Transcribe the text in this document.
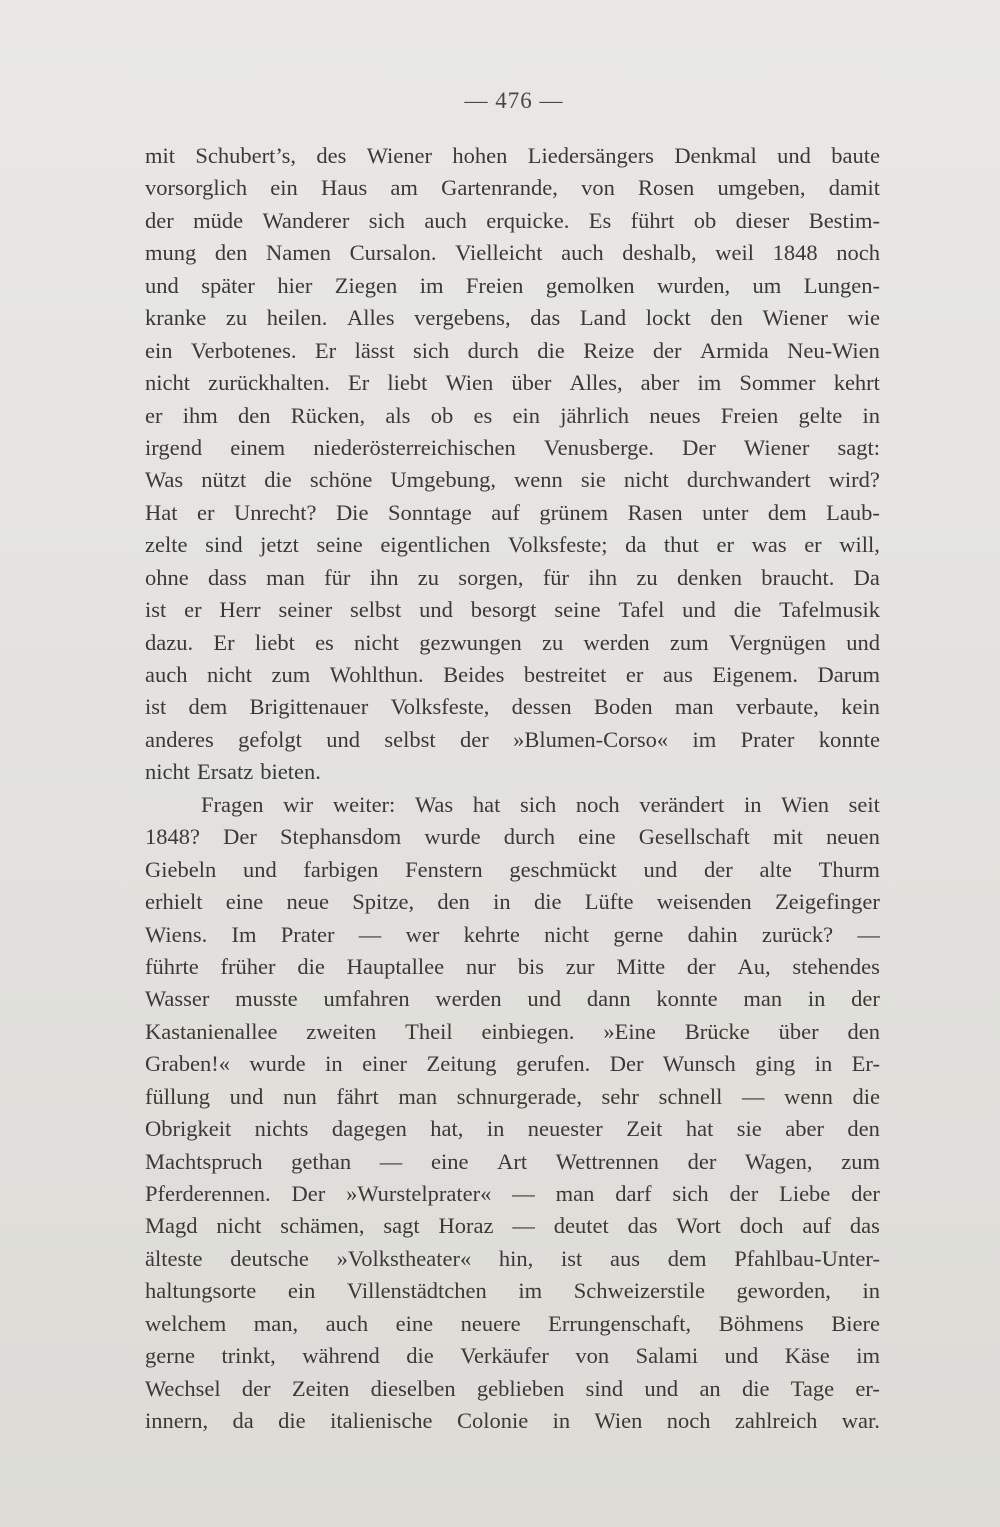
— 476 —
mit Schubert’s, des Wiener hohen Liedersängers Denkmal und baute
vorsorglich ein Haus am Gartenrande, von Rosen umgeben, damit
der müde Wanderer sich auch erquicke. Es führt ob dieser Bestim-
mung den Namen Cursalon. Vielleicht auch deshalb, weil 1848 noch
und später hier Ziegen im Freien gemolken wurden, um Lungen-
kranke zu heilen. Alles vergebens, das Land lockt den Wiener wie
ein Verbotenes. Er lässt sich durch die Reize der Armida Neu-Wien
nicht zurückhalten. Er liebt Wien über Alles, aber im Sommer kehrt
er ihm den Rücken, als ob es ein jährlich neues Freien gelte in
irgend einem niederösterreichischen Venusberge. Der Wiener sagt:
Was nützt die schöne Umgebung, wenn sie nicht durchwandert wird?
Hat er Unrecht? Die Sonntage auf grünem Rasen unter dem Laub-
zelte sind jetzt seine eigentlichen Volksfeste; da thut er was er will,
ohne dass man für ihn zu sorgen, für ihn zu denken braucht. Da
ist er Herr seiner selbst und besorgt seine Tafel und die Tafelmusik
dazu. Er liebt es nicht gezwungen zu werden zum Vergnügen und
auch nicht zum Wohlthun. Beides bestreitet er aus Eigenem. Darum
ist dem Brigittenauer Volksfeste, dessen Boden man verbaute, kein
anderes gefolgt und selbst der »Blumen-Corso« im Prater konnte
nicht Ersatz bieten.
Fragen wir weiter: Was hat sich noch verändert in Wien seit
1848? Der Stephansdom wurde durch eine Gesellschaft mit neuen
Giebeln und farbigen Fenstern geschmückt und der alte Thurm
erhielt eine neue Spitze, den in die Lüfte weisenden Zeigefinger
Wiens. Im Prater — wer kehrte nicht gerne dahin zurück? —
führte früher die Hauptallee nur bis zur Mitte der Au, stehendes
Wasser musste umfahren werden und dann konnte man in der
Kastanienallee zweiten Theil einbiegen. »Eine Brücke über den
Graben!« wurde in einer Zeitung gerufen. Der Wunsch ging in Er-
füllung und nun fährt man schnurgerade, sehr schnell — wenn die
Obrigkeit nichts dagegen hat, in neuester Zeit hat sie aber den
Machtspruch gethan — eine Art Wettrennen der Wagen, zum
Pferderennen. Der »Wurstelprater« — man darf sich der Liebe der
Magd nicht schämen, sagt Horaz — deutet das Wort doch auf das
älteste deutsche »Volkstheater« hin, ist aus dem Pfahlbau-Unter-
haltungsorte ein Villenstädtchen im Schweizerstile geworden, in
welchem man, auch eine neuere Errungenschaft, Böhmens Biere
gerne trinkt, während die Verkäufer von Salami und Käse im
Wechsel der Zeiten dieselben geblieben sind und an die Tage er-
innern, da die italienische Colonie in Wien noch zahlreich war.
